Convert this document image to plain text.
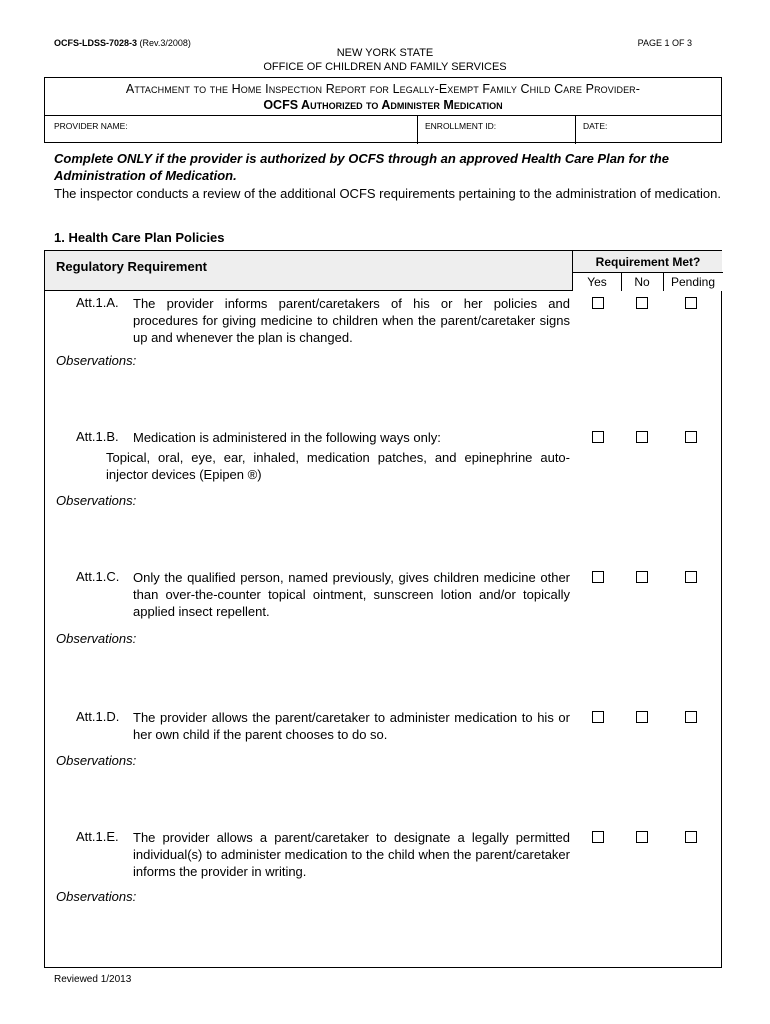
OCFS-LDSS-7028-3 (Rev.3/2008)	PAGE 1 OF 3
NEW YORK STATE
OFFICE OF CHILDREN AND FAMILY SERVICES
Attachment to the Home Inspection Report for Legally-Exempt Family Child Care Provider-
OCFS Authorized to Administer Medication
PROVIDER NAME:	ENROLLMENT ID:	DATE:
Complete ONLY if the provider is authorized by OCFS through an approved Health Care Plan for the Administration of Medication.
The inspector conducts a review of the additional OCFS requirements pertaining to the administration of medication.
1. Health Care Plan Policies
Regulatory Requirement	Requirement Met?
Yes	No	Pending
Att.1.A. The provider informs parent/caretakers of his or her policies and procedures for giving medicine to children when the parent/caretaker signs up and whenever the plan is changed.
Observations:
Att.1.B. Medication is administered in the following ways only:
Topical, oral, eye, ear, inhaled, medication patches, and epinephrine auto-injector devices (Epipen ®)
Observations:
Att.1.C. Only the qualified person, named previously, gives children medicine other than over-the-counter topical ointment, sunscreen lotion and/or topically applied insect repellent.
Observations:
Att.1.D. The provider allows the parent/caretaker to administer medication to his or her own child if the parent chooses to do so.
Observations:
Att.1.E. The provider allows a parent/caretaker to designate a legally permitted individual(s) to administer medication to the child when the parent/caretaker informs the provider in writing.
Observations:
Reviewed 1/2013
